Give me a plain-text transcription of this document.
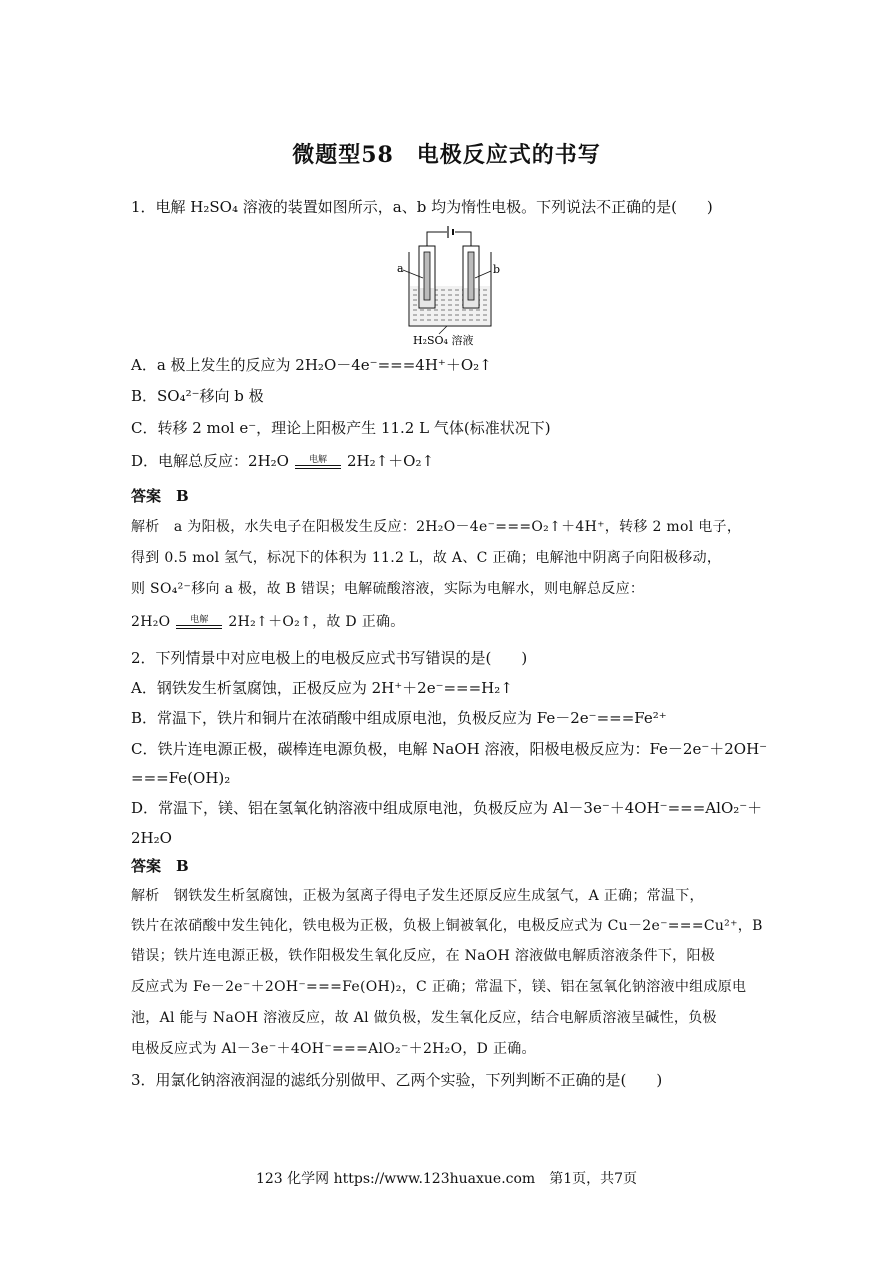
微题型58　电极反应式的书写
1．电解 H₂SO₄ 溶液的装置如图所示，a、b 均为惰性电极。下列说法不正确的是(　　)
a	b
H₂SO₄ 溶液
A．a 极上发生的反应为 2H₂O－4e⁻===4H⁺＋O₂↑
B．SO₄²⁻移向 b 极
C．转移 2 mol e⁻，理论上阳极产生 11.2 L 气体(标准状况下)
D．电解总反应：2H₂O	电解	2H₂↑＋O₂↑
答案　B
解析　a 为阳极，水失电子在阳极发生反应：2H₂O－4e⁻===O₂↑＋4H⁺，转移 2 mol 电子，
得到 0.5 mol 氢气，标况下的体积为 11.2 L，故 A、C 正确；电解池中阴离子向阳极移动，
则 SO₄²⁻移向 a 极，故 B 错误；电解硫酸溶液，实际为电解水，则电解总反应：
2H₂O	电解	2H₂↑＋O₂↑，故 D 正确。
2．下列情景中对应电极上的电极反应式书写错误的是(　　)
A．钢铁发生析氢腐蚀，正极反应为 2H⁺＋2e⁻===H₂↑
B．常温下，铁片和铜片在浓硝酸中组成原电池，负极反应为 Fe－2e⁻===Fe²⁺
C．铁片连电源正极，碳棒连电源负极，电解 NaOH 溶液，阳极电极反应为：Fe－2e⁻＋2OH⁻
===Fe(OH)₂
D．常温下，镁、铝在氢氧化钠溶液中组成原电池，负极反应为 Al－3e⁻＋4OH⁻===AlO₂⁻＋
2H₂O
答案　B
解析　钢铁发生析氢腐蚀，正极为氢离子得电子发生还原反应生成氢气，A 正确；常温下，
铁片在浓硝酸中发生钝化，铁电极为正极，负极上铜被氧化，电极反应式为 Cu－2e⁻===Cu²⁺，B
错误；铁片连电源正极，铁作阳极发生氧化反应，在 NaOH 溶液做电解质溶液条件下，阳极
反应式为 Fe－2e⁻＋2OH⁻===Fe(OH)₂，C 正确；常温下，镁、铝在氢氧化钠溶液中组成原电
池，Al 能与 NaOH 溶液反应，故 Al 做负极，发生氧化反应，结合电解质溶液呈碱性，负极
电极反应式为 Al－3e⁻＋4OH⁻===AlO₂⁻＋2H₂O，D 正确。
3．用氯化钠溶液润湿的滤纸分别做甲、乙两个实验，下列判断不正确的是(　　)
123 化学网 https://www.123huaxue.com　第1页，共7页
